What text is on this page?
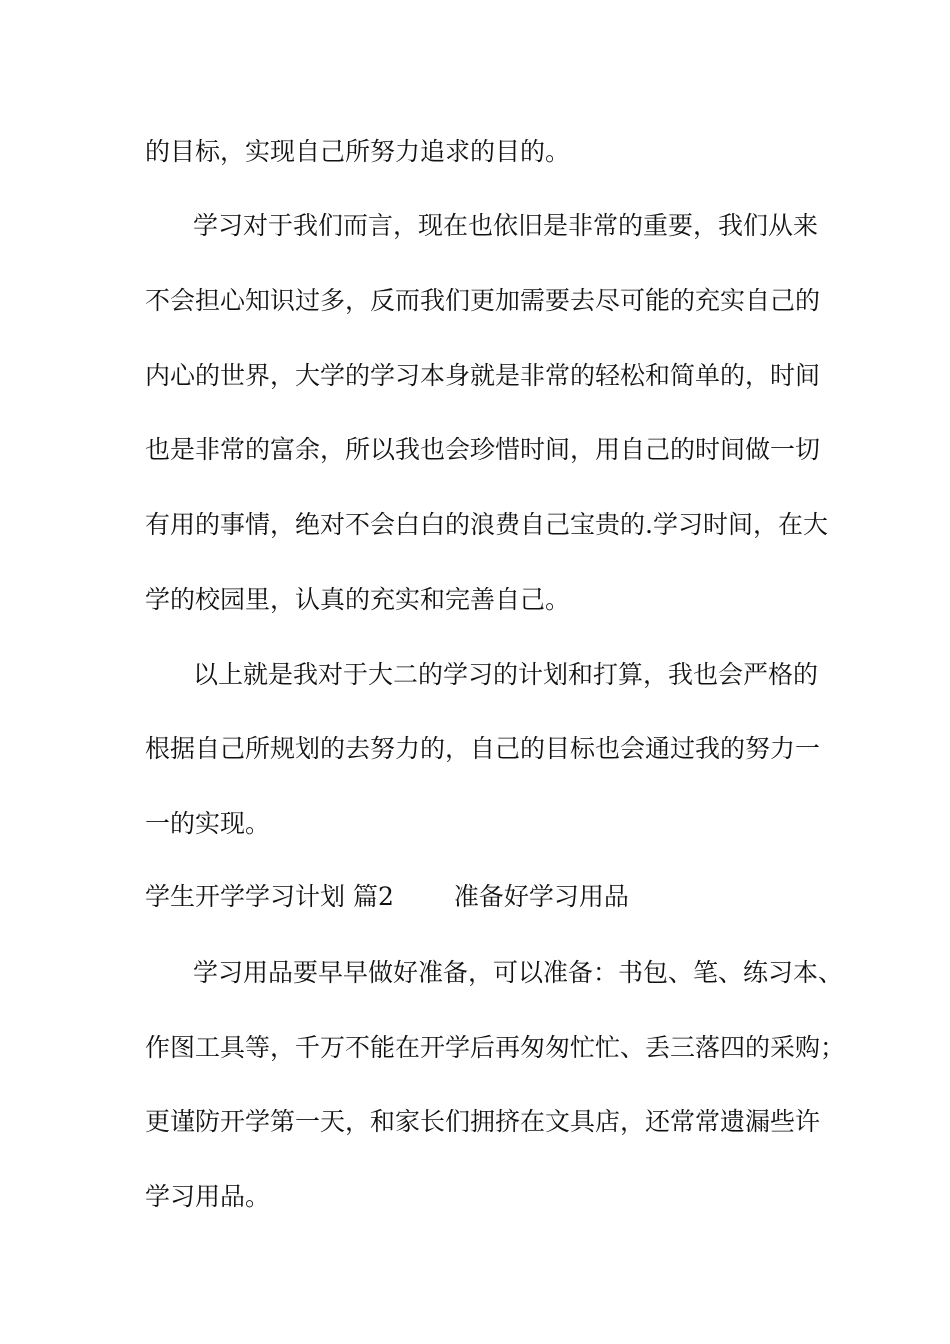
的目标，实现自己所努力追求的目的。

学习对于我们而言，现在也依旧是非常的重要，我们从来

不会担心知识过多，反而我们更加需要去尽可能的充实自己的

内心的世界，大学的学习本身就是非常的轻松和简单的，时间

也是非常的富余，所以我也会珍惜时间，用自己的时间做一切

有用的事情，绝对不会白白的浪费自己宝贵的.学习时间，在大

学的校园里，认真的充实和完善自己。

以上就是我对于大二的学习的计划和打算，我也会严格的

根据自己所规划的去努力的，自己的目标也会通过我的努力一

一的实现。

学生开学学习计划 篇2 准备好学习用品

学习用品要早早做好准备，可以准备：书包、笔、练习本、

作图工具等，千万不能在开学后再匆匆忙忙、丢三落四的采购；

更谨防开学第一天，和家长们拥挤在文具店，还常常遗漏些许

学习用品。
